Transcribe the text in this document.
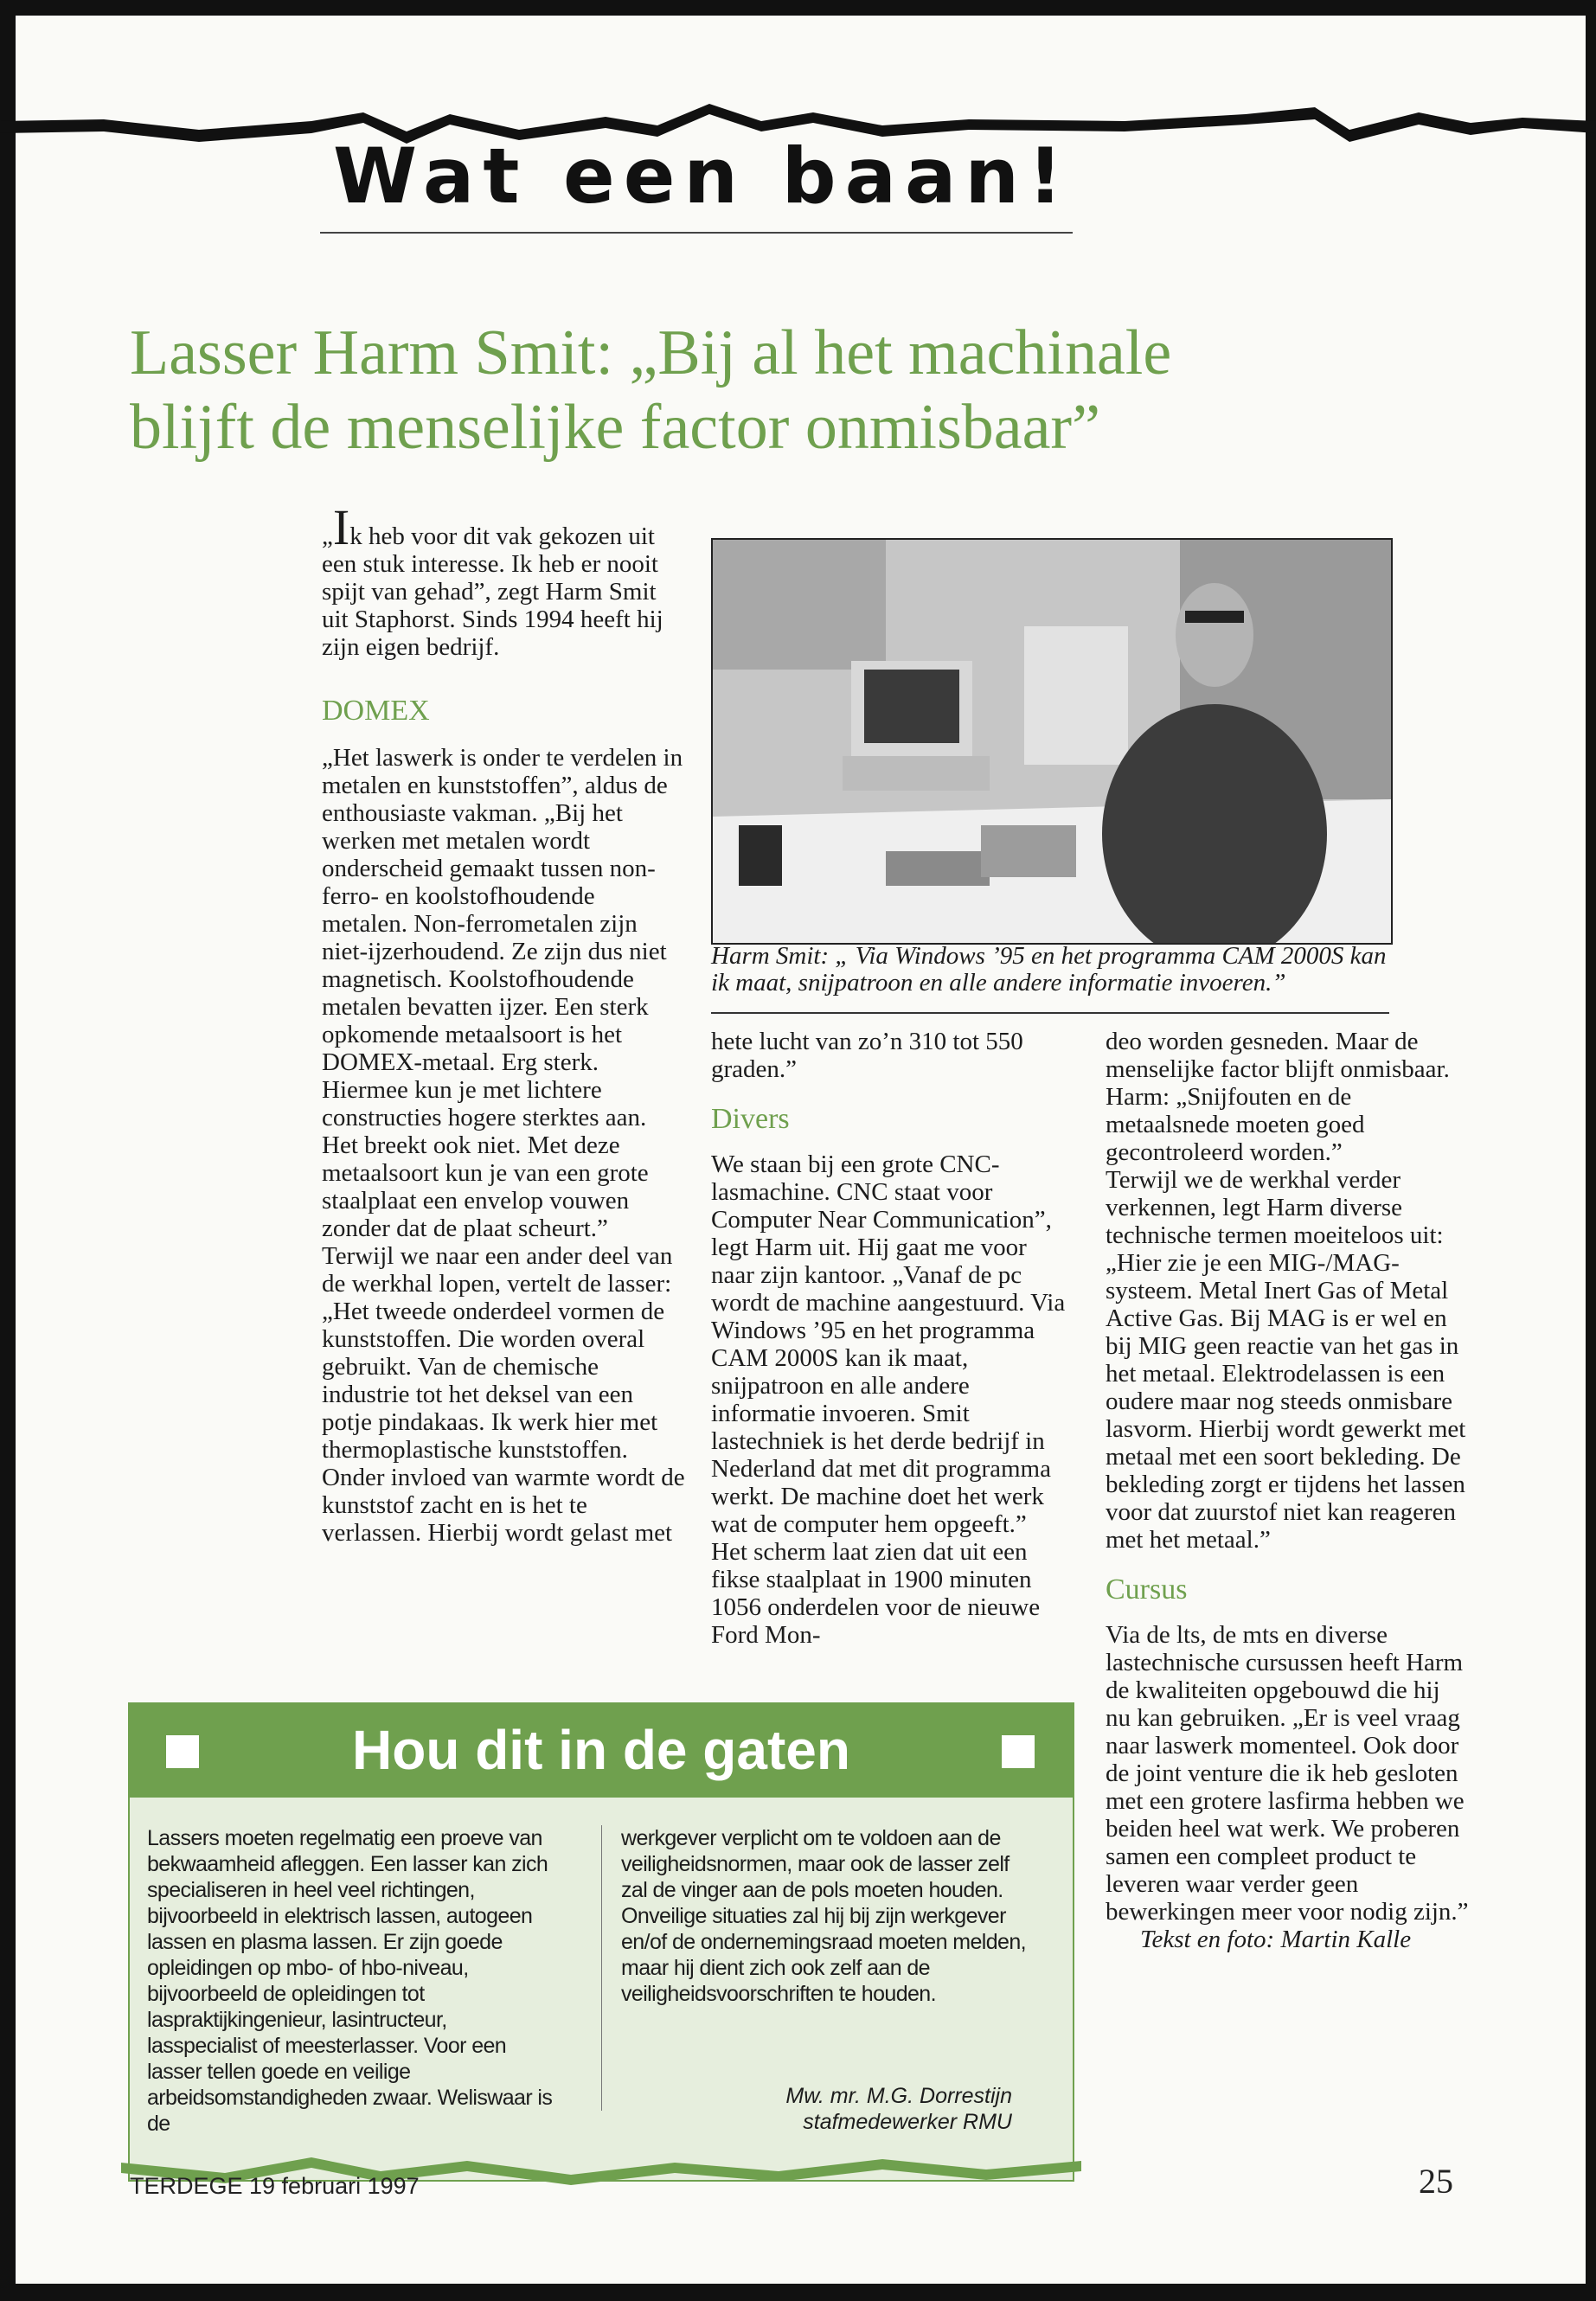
Wat een baan!
Lasser Harm Smit: „Bij al het machinale
blijft de menselijke factor onmisbaar”

„Ik heb voor dit vak gekozen uit een stuk interesse. Ik heb er nooit spijt van gehad”, zegt Harm Smit uit Staphorst. Sinds 1994 heeft hij zijn eigen bedrijf.

DOMEX

„Het laswerk is onder te verdelen in metalen en kunststoffen”, aldus de enthousiaste vakman. „Bij het werken met metalen wordt onderscheid gemaakt tussen non-ferro- en koolstofhoudende metalen. Non-ferrometalen zijn niet-ijzerhoudend. Ze zijn dus niet magnetisch. Koolstofhoudende metalen bevatten ijzer. Een sterk opkomende metaalsoort is het DOMEX-metaal. Erg sterk. Hiermee kun je met lichtere constructies hogere sterktes aan. Het breekt ook niet. Met deze metaalsoort kun je van een grote staalplaat een envelop vouwen zonder dat de plaat scheurt.”

Terwijl we naar een ander deel van de werkhal lopen, vertelt de lasser: „Het tweede onderdeel vormen de kunststoffen. Die worden overal gebruikt. Van de chemische industrie tot het deksel van een potje pindakaas. Ik werk hier met thermoplastische kunststoffen. Onder invloed van warmte wordt de kunststof zacht en is het te verlassen. Hierbij wordt gelast met

Harm Smit: „ Via Windows ’95 en het programma CAM 2000S kan ik maat, snijpatroon en alle andere informatie invoeren.”

hete lucht van zo’n 310 tot 550 graden.”

Divers

We staan bij een grote CNC-lasmachine. CNC staat voor Computer Near Communication”, legt Harm uit. Hij gaat me voor naar zijn kantoor. „Vanaf de pc wordt de machine aangestuurd. Via Windows ’95 en het programma CAM 2000S kan ik maat, snijpatroon en alle andere informatie invoeren. Smit lastechniek is het derde bedrijf in Nederland dat met dit programma werkt. De machine doet het werk wat de computer hem opgeeft.” Het scherm laat zien dat uit een fikse staalplaat in 1900 minuten 1056 onderdelen voor de nieuwe Ford Mon-

deo worden gesneden. Maar de menselijke factor blijft onmisbaar. Harm: „Snijfouten en de metaalsnede moeten goed gecontroleerd worden.”

Terwijl we de werkhal verder verkennen, legt Harm diverse technische termen moeiteloos uit: „Hier zie je een MIG-/MAG-systeem. Metal Inert Gas of Metal Active Gas. Bij MAG is er wel en bij MIG geen reactie van het gas in het metaal. Elektrodelassen is een oudere maar nog steeds onmisbare lasvorm. Hierbij wordt gewerkt met metaal met een soort bekleding. De bekleding zorgt er tijdens het lassen voor dat zuurstof niet kan reageren met het metaal.”

Cursus

Via de lts, de mts en diverse lastechnische cursussen heeft Harm de kwaliteiten opgebouwd die hij nu kan gebruiken. „Er is veel vraag naar laswerk momenteel. Ook door de joint venture die ik heb gesloten met een grotere lasfirma hebben we beiden heel wat werk. We proberen samen een compleet product te leveren waar verder geen bewerkingen meer voor nodig zijn.”

Tekst en foto: Martin Kalle

Hou dit in de gaten

Lassers moeten regelmatig een proeve van bekwaamheid afleggen. Een lasser kan zich specialiseren in heel veel richtingen, bijvoorbeeld in elektrisch lassen, autogeen lassen en plasma lassen. Er zijn goede opleidingen op mbo- of hbo-niveau, bijvoorbeeld de opleidingen tot laspraktijkingenieur, lasintructeur, lasspecialist of meesterlasser. Voor een lasser tellen goede en veilige arbeidsomstandigheden zwaar. Weliswaar is de

werkgever verplicht om te voldoen aan de veiligheidsnormen, maar ook de lasser zelf zal de vinger aan de pols moeten houden. Onveilige situaties zal hij bij zijn werkgever en/of de ondernemingsraad moeten melden, maar hij dient zich ook zelf aan de veiligheidsvoorschriften te houden.

Mw. mr. M.G. Dorrestijn
stafmedewerker RMU
TERDEGE 19 februari 1997	25
